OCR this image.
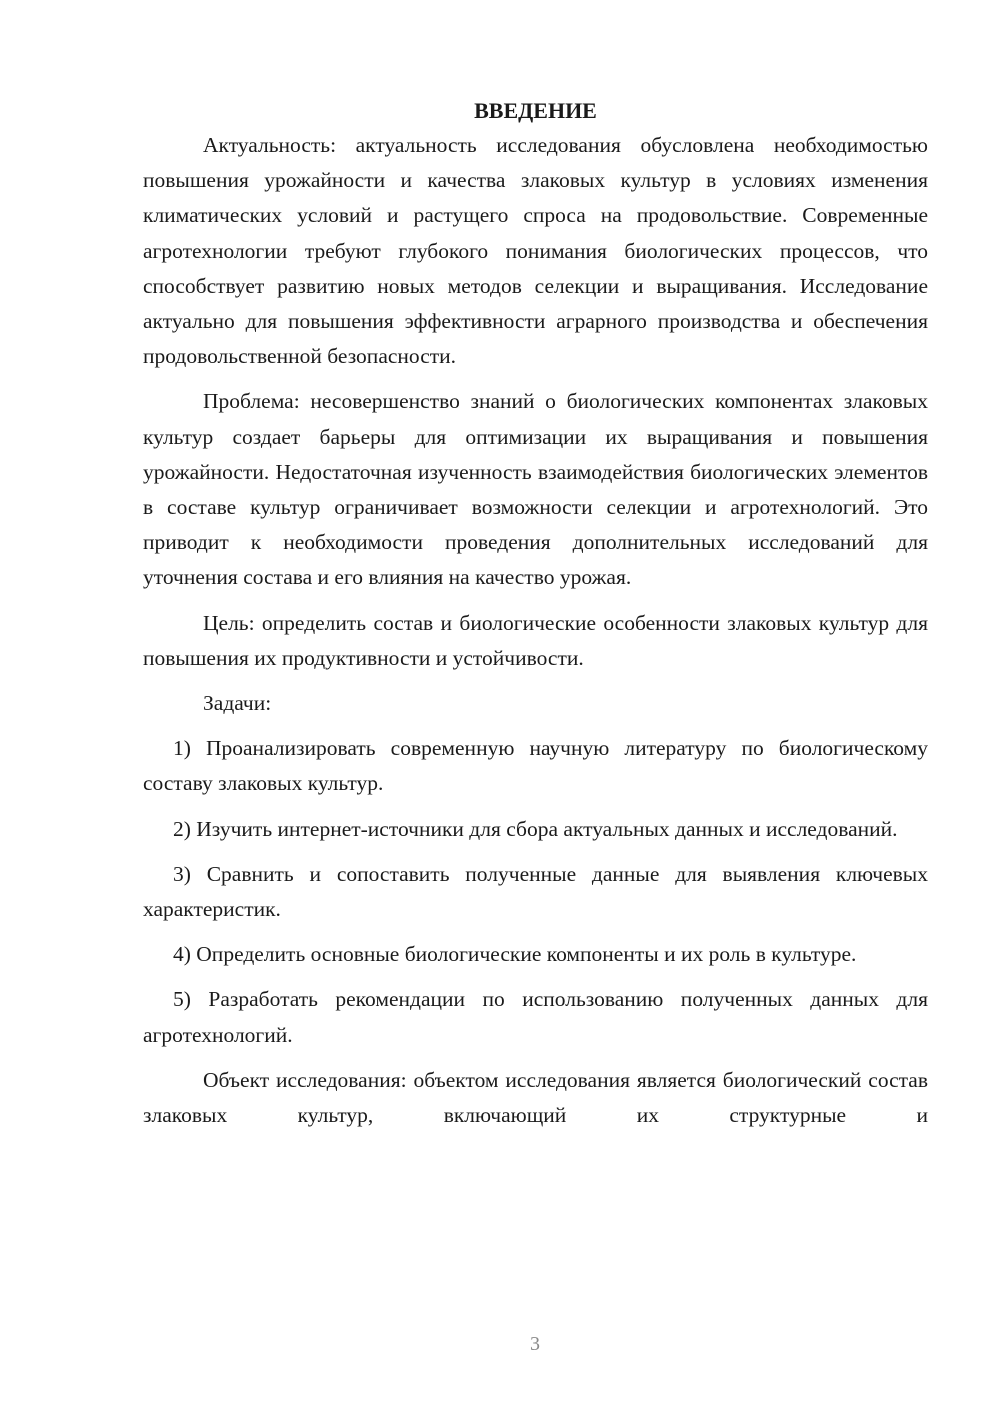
ВВЕДЕНИЕ

Актуальность: актуальность исследования обусловлена необходимостью повышения урожайности и качества злаковых культур в условиях изменения климатических условий и растущего спроса на продовольствие. Современные агротехнологии требуют глубокого понимания биологических процессов, что способствует развитию новых методов селекции и выращивания. Исследование актуально для повышения эффективности аграрного производства и обеспечения продовольственной безопасности.

Проблема: несовершенство знаний о биологических компонентах злаковых культур создает барьеры для оптимизации их выращивания и повышения урожайности. Недостаточная изученность взаимодействия биологических элементов в составе культур ограничивает возможности селекции и агротехнологий. Это приводит к необходимости проведения дополнительных исследований для уточнения состава и его влияния на качество урожая.

Цель: определить состав и биологические особенности злаковых культур для повышения их продуктивности и устойчивости.

Задачи:

1) Проанализировать современную научную литературу по биологическому составу злаковых культур.

2) Изучить интернет-источники для сбора актуальных данных и исследований.

3) Сравнить и сопоставить полученные данные для выявления ключевых характеристик.

4) Определить основные биологические компоненты и их роль в культуре.

5) Разработать рекомендации по использованию полученных данных для агротехнологий.

Объект исследования: объектом исследования является биологический состав злаковых культур, включающий их структурные и

3
